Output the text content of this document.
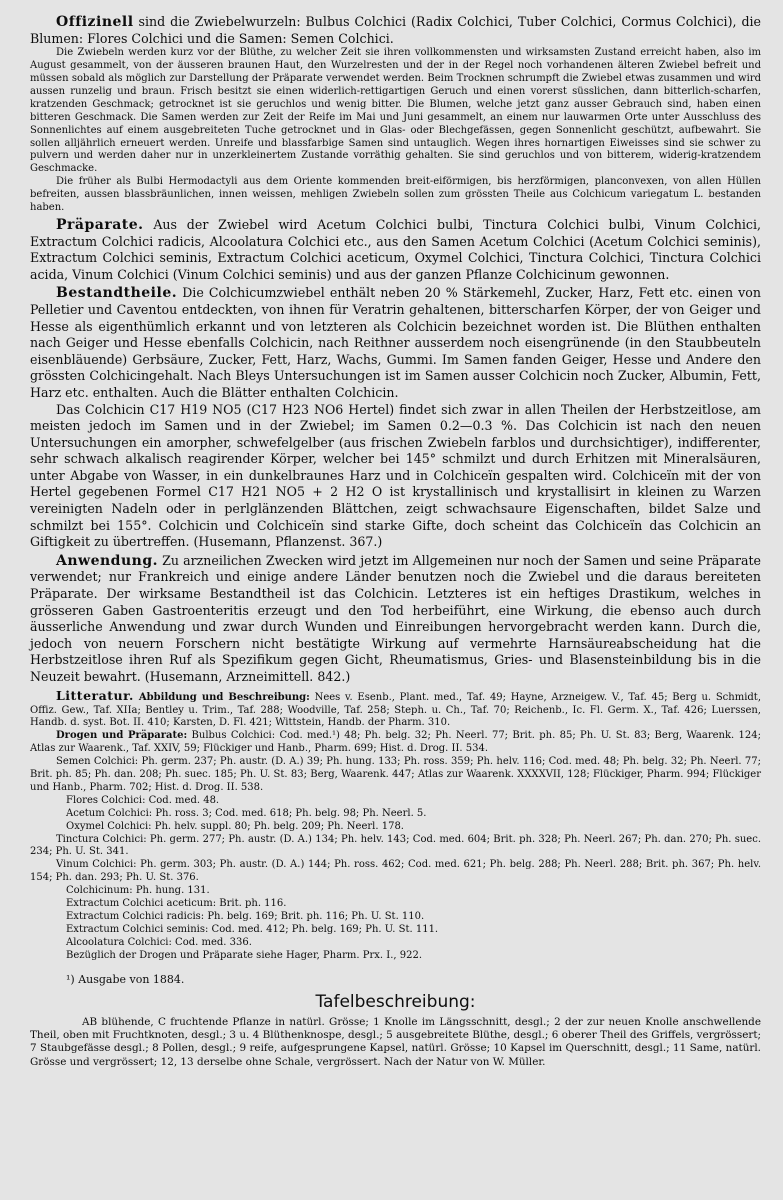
Offizinell sind die Zwiebelwurzeln: Bulbus Colchici (Radix Colchici, Tuber Colchici, Cormus Colchici), die Blumen: Flores Colchici und die Samen: Semen Colchici.

Die Zwiebeln werden kurz vor der Blüthe, zu welcher Zeit sie ihren vollkommensten und wirksamsten Zustand erreicht haben, also im August gesammelt, von der äusseren braunen Haut, den Wurzelresten und der in der Regel noch vorhandenen älteren Zwiebel befreit und müssen sobald als möglich zur Darstellung der Präparate verwendet werden. Beim Trocknen schrumpft die Zwiebel etwas zusammen und wird aussen runzelig und braun. Frisch besitzt sie einen widerlich-rettigartigen Geruch und einen vorerst süsslichen, dann bitterlich-scharfen, kratzenden Geschmack; getrocknet ist sie geruchlos und wenig bitter. Die Blumen, welche jetzt ganz ausser Gebrauch sind, haben einen bitteren Geschmack. Die Samen werden zur Zeit der Reife im Mai und Juni gesammelt, an einem nur lauwarmen Orte unter Ausschluss des Sonnenlichtes auf einem ausgebreiteten Tuche getrocknet und in Glas- oder Blechgefässen, gegen Sonnenlicht geschützt, aufbewahrt. Sie sollen alljährlich erneuert werden. Unreife und blassfarbige Samen sind untauglich. Wegen ihres hornartigen Eiweisses sind sie schwer zu pulvern und werden daher nur in unzerkleinertem Zustande vorräthig gehalten. Sie sind geruchlos und von bitterem, widerig-kratzendem Geschmacke.

Die früher als Bulbi Hermodactyli aus dem Oriente kommenden breit-eiförmigen, bis herzförmigen, planconvexen, von allen Hüllen befreiten, aussen blassbräunlichen, innen weissen, mehligen Zwiebeln sollen zum grössten Theile aus Colchicum variegatum L. bestanden haben.

Präparate. Aus der Zwiebel wird Acetum Colchici bulbi, Tinctura Colchici bulbi, Vinum Colchici, Extractum Colchici radicis, Alcoolatura Colchici etc., aus den Samen Acetum Colchici (Acetum Colchici seminis), Extractum Colchici seminis, Extractum Colchici aceticum, Oxymel Colchici, Tinctura Colchici, Tinctura Colchici acida, Vinum Colchici (Vinum Colchici seminis) und aus der ganzen Pflanze Colchicinum gewonnen.

Bestandtheile. Die Colchicumzwiebel enthält neben 20 % Stärkemehl, Zucker, Harz, Fett etc. einen von Pelletier und Caventou entdeckten, von ihnen für Veratrin gehaltenen, bitterscharfen Körper, der von Geiger und Hesse als eigenthümlich erkannt und von letzteren als Colchicin bezeichnet worden ist. Die Blüthen enthalten nach Geiger und Hesse ebenfalls Colchicin, nach Reithner ausserdem noch eisengrünende (in den Staubbeuteln eisenbläuende) Gerbsäure, Zucker, Fett, Harz, Wachs, Gummi. Im Samen fanden Geiger, Hesse und Andere den grössten Colchicingehalt. Nach Bleys Untersuchungen ist im Samen ausser Colchicin noch Zucker, Albumin, Fett, Harz etc. enthalten. Auch die Blätter enthalten Colchicin.

Das Colchicin C17 H19 NO5 (C17 H23 NO6 Hertel) findet sich zwar in allen Theilen der Herbstzeitlose, am meisten jedoch im Samen und in der Zwiebel; im Samen 0.2—0.3 %. Das Colchicin ist nach den neuen Untersuchungen ein amorpher, schwefelgelber (aus frischen Zwiebeln farblos und durchsichtiger), indifferenter, sehr schwach alkalisch reagirender Körper, welcher bei 145° schmilzt und durch Erhitzen mit Mineralsäuren, unter Abgabe von Wasser, in ein dunkelbraunes Harz und in Colchiceïn gespalten wird. Colchiceïn mit der von Hertel gegebenen Formel C17 H21 NO5 + 2 H2 O ist krystallinisch und krystallisirt in kleinen zu Warzen vereinigten Nadeln oder in perlglänzenden Blättchen, zeigt schwachsaure Eigenschaften, bildet Salze und schmilzt bei 155°. Colchicin und Colchiceïn sind starke Gifte, doch scheint das Colchiceïn das Colchicin an Giftigkeit zu übertreffen. (Husemann, Pflanzenst. 367.)

Anwendung. Zu arzneilichen Zwecken wird jetzt im Allgemeinen nur noch der Samen und seine Präparate verwendet; nur Frankreich und einige andere Länder benutzen noch die Zwiebel und die daraus bereiteten Präparate. Der wirksame Bestandtheil ist das Colchicin. Letzteres ist ein heftiges Drastikum, welches in grösseren Gaben Gastroenteritis erzeugt und den Tod herbeiführt, eine Wirkung, die ebenso auch durch äusserliche Anwendung und zwar durch Wunden und Einreibungen hervorgebracht werden kann. Durch die, jedoch von neuern Forschern nicht bestätigte Wirkung auf vermehrte Harnsäureabscheidung hat die Herbstzeitlose ihren Ruf als Spezifikum gegen Gicht, Rheumatismus, Gries- und Blasensteinbildung bis in die Neuzeit bewahrt. (Husemann, Arzneimittell. 842.)

Litteratur. Abbildung und Beschreibung: Nees v. Esenb., Plant. med., Taf. 49; Hayne, Arzneigew. V., Taf. 45; Berg u. Schmidt, Offiz. Gew., Taf. XIIa; Bentley u. Trim., Taf. 288; Woodville, Taf. 258; Steph. u. Ch., Taf. 70; Reichenb., Ic. Fl. Germ. X., Taf. 426; Luerssen, Handb. d. syst. Bot. II. 410; Karsten, D. Fl. 421; Wittstein, Handb. der Pharm. 310.

Drogen und Präparate: Bulbus Colchici: Cod. med.¹) 48; Ph. belg. 32; Ph. Neerl. 77; Brit. ph. 85; Ph. U. St. 83; Berg, Waarenk. 124; Atlas zur Waarenk., Taf. XXIV, 59; Flückiger und Hanb., Pharm. 699; Hist. d. Drog. II. 534.

Semen Colchici: Ph. germ. 237; Ph. austr. (D. A.) 39; Ph. hung. 133; Ph. ross. 359; Ph. helv. 116; Cod. med. 48; Ph. belg. 32; Ph. Neerl. 77; Brit. ph. 85; Ph. dan. 208; Ph. suec. 185; Ph. U. St. 83; Berg, Waarenk. 447; Atlas zur Waarenk. XXXXVII, 128; Flückiger, Pharm. 994; Flückiger und Hanb., Pharm. 702; Hist. d. Drog. II. 538.

Flores Colchici: Cod. med. 48.

Acetum Colchici: Ph. ross. 3; Cod. med. 618; Ph. belg. 98; Ph. Neerl. 5.

Oxymel Colchici: Ph. helv. suppl. 80; Ph. belg. 209; Ph. Neerl. 178.

Tinctura Colchici: Ph. germ. 277; Ph. austr. (D. A.) 134; Ph. helv. 143; Cod. med. 604; Brit. ph. 328; Ph. Neerl. 267; Ph. dan. 270; Ph. suec. 234; Ph. U. St. 341.

Vinum Colchici: Ph. germ. 303; Ph. austr. (D. A.) 144; Ph. ross. 462; Cod. med. 621; Ph. belg. 288; Ph. Neerl. 288; Brit. ph. 367; Ph. helv. 154; Ph. dan. 293; Ph. U. St. 376.

Colchicinum: Ph. hung. 131.

Extractum Colchici aceticum: Brit. ph. 116.

Extractum Colchici radicis: Ph. belg. 169; Brit. ph. 116; Ph. U. St. 110.

Extractum Colchici seminis: Cod. med. 412; Ph. belg. 169; Ph. U. St. 111.

Alcoolatura Colchici: Cod. med. 336.

Bezüglich der Drogen und Präparate siehe Hager, Pharm. Prx. I., 922.

¹) Ausgabe von 1884.

Tafelbeschreibung:

AB blühende, C fruchtende Pflanze in natürl. Grösse; 1 Knolle im Längsschnitt, desgl.; 2 der zur neuen Knolle anschwellende Theil, oben mit Fruchtknoten, desgl.; 3 u. 4 Blüthenknospe, desgl.; 5 ausgebreitete Blüthe, desgl.; 6 oberer Theil des Griffels, vergrössert; 7 Staubgefässe desgl.; 8 Pollen, desgl.; 9 reife, aufgesprungene Kapsel, natürl. Grösse; 10 Kapsel im Querschnitt, desgl.; 11 Same, natürl. Grösse und vergrössert; 12, 13 derselbe ohne Schale, vergrössert. Nach der Natur von W. Müller.
